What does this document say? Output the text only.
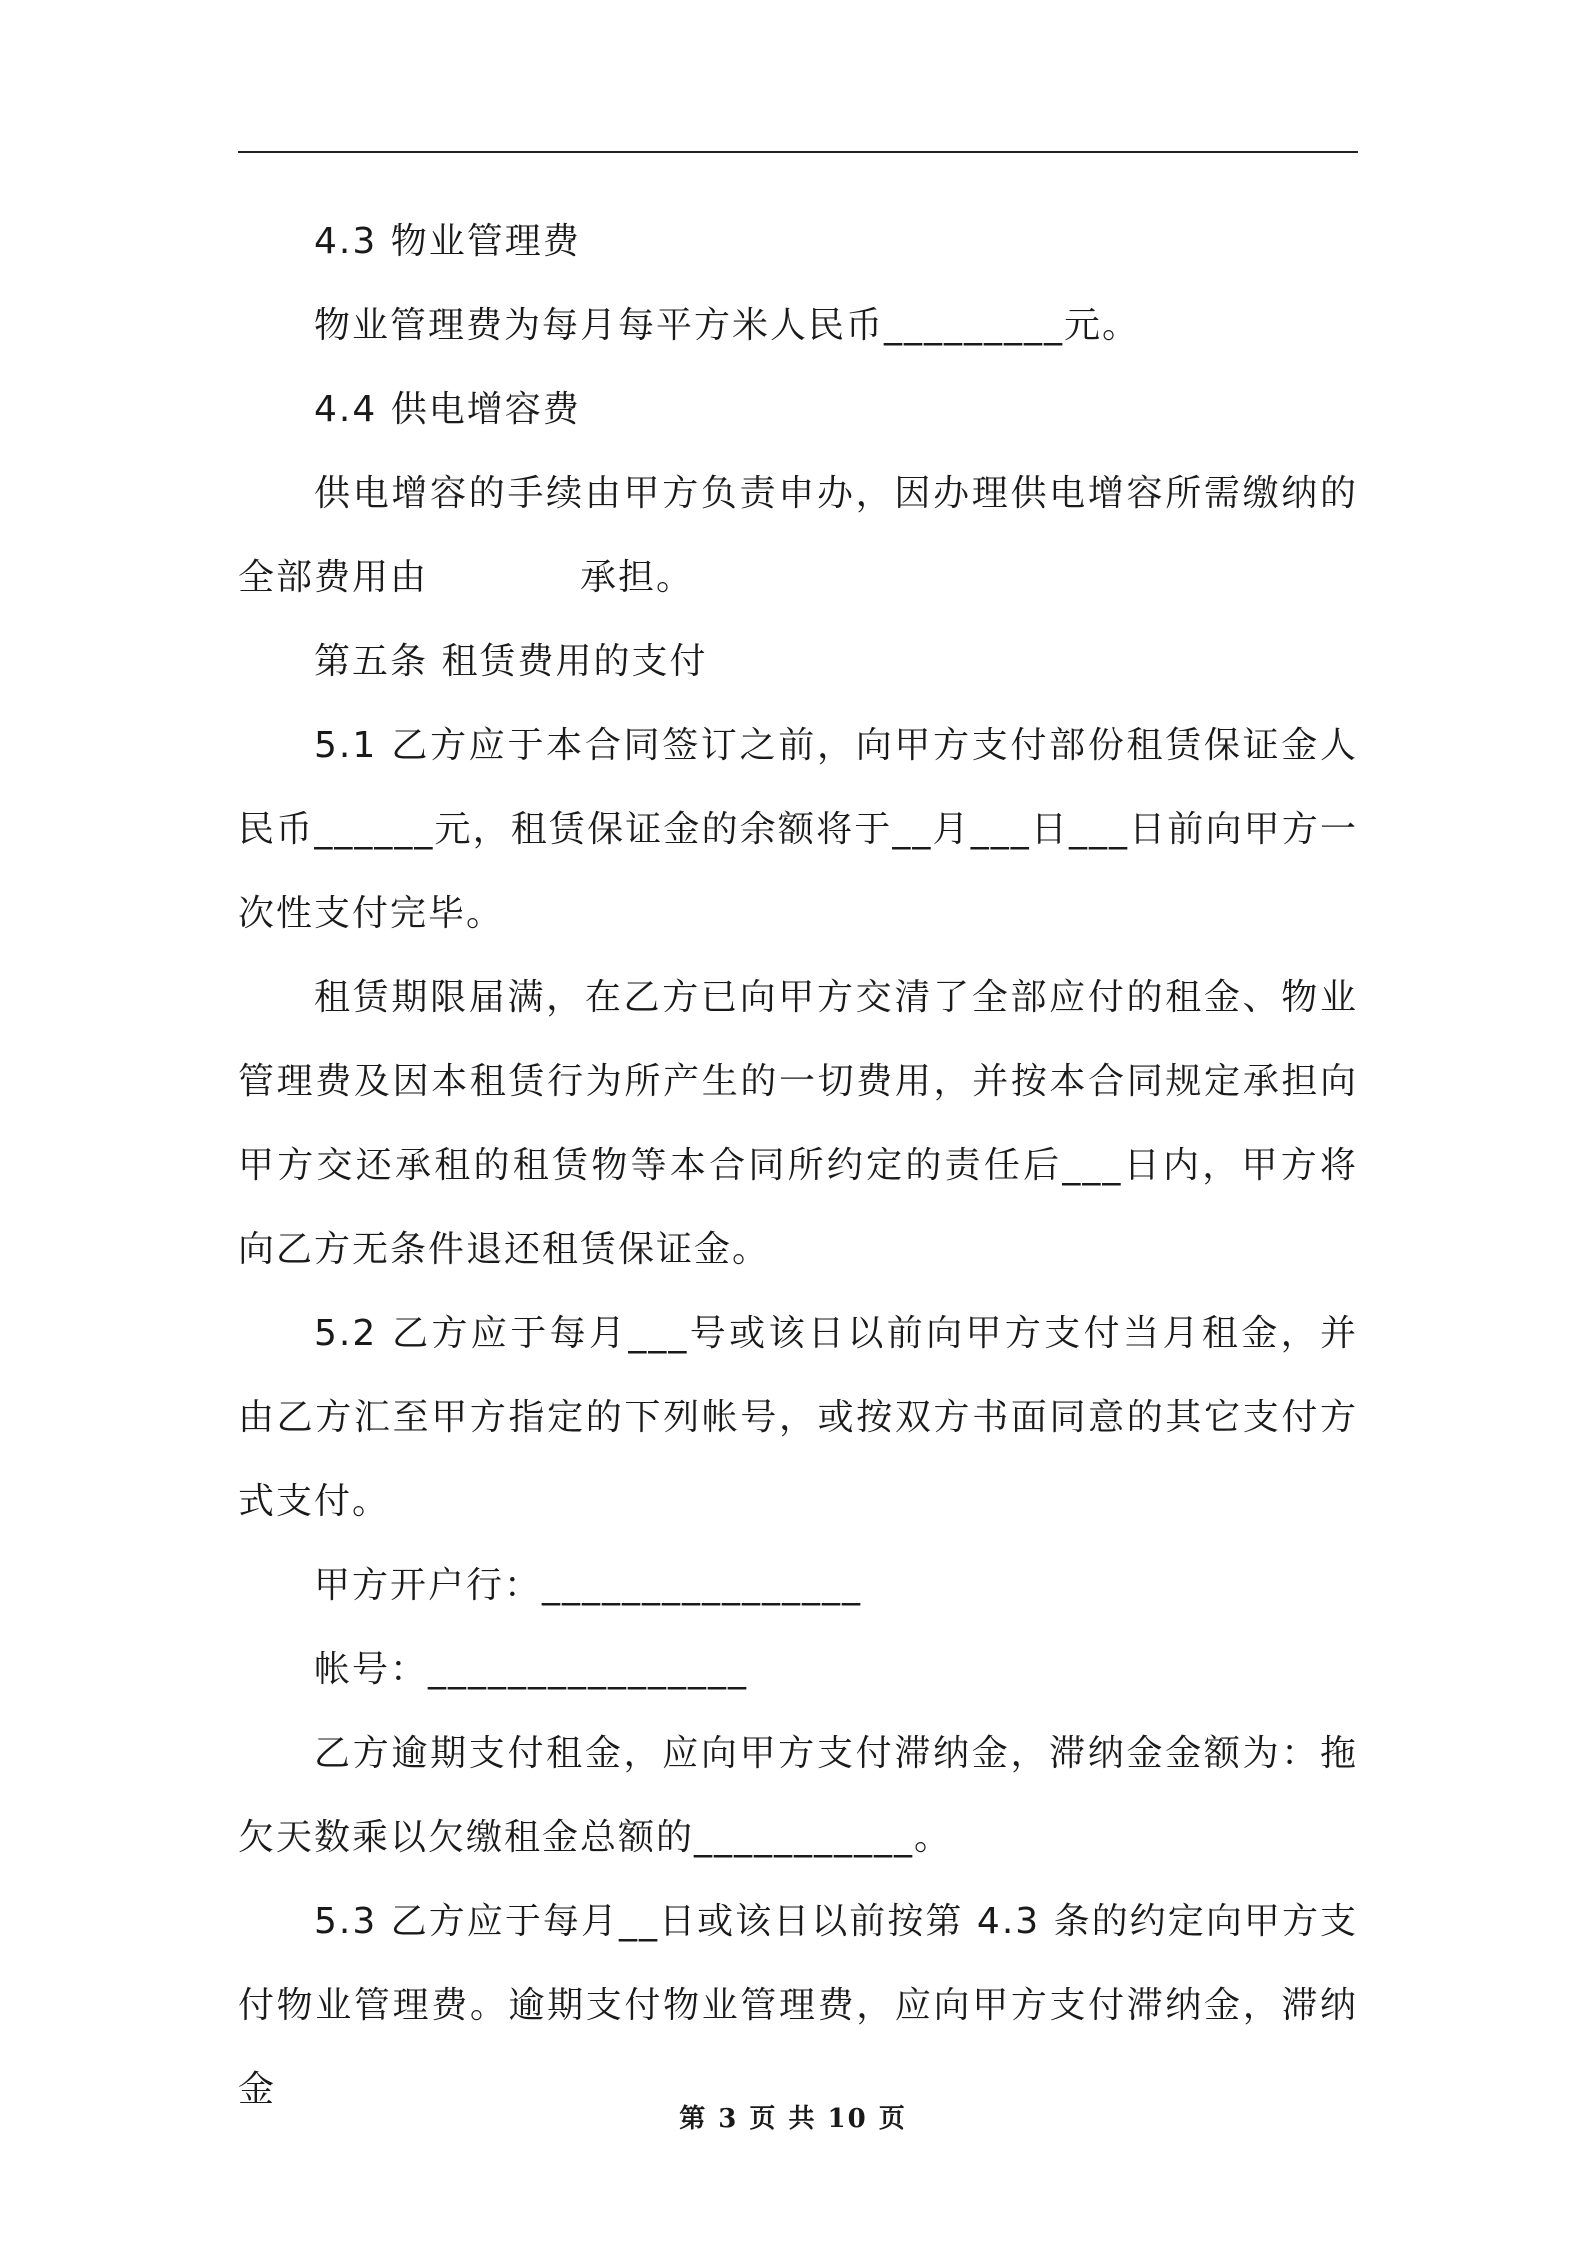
4.3 物业管理费

物业管理费为每月每平方米人民币_________元。

4.4 供电增容费

供电增容的手续由甲方负责申办，因办理供电增容所需缴纳的全部费用由　　　　承担。

第五条 租赁费用的支付

5.1 乙方应于本合同签订之前，向甲方支付部份租赁保证金人民币______元，租赁保证金的余额将于__月___日___日前向甲方一次性支付完毕。

租赁期限届满，在乙方已向甲方交清了全部应付的租金、物业管理费及因本租赁行为所产生的一切费用，并按本合同规定承担向甲方交还承租的租赁物等本合同所约定的责任后___日内，甲方将向乙方无条件退还租赁保证金。

5.2 乙方应于每月___号或该日以前向甲方支付当月租金，并由乙方汇至甲方指定的下列帐号，或按双方书面同意的其它支付方式支付。

甲方开户行：________________

帐号：________________

乙方逾期支付租金，应向甲方支付滞纳金，滞纳金金额为：拖欠天数乘以欠缴租金总额的___________。

5.3 乙方应于每月__日或该日以前按第 4.3 条的约定向甲方支付物业管理费。逾期支付物业管理费，应向甲方支付滞纳金，滞纳金

第 3 页 共 10 页
